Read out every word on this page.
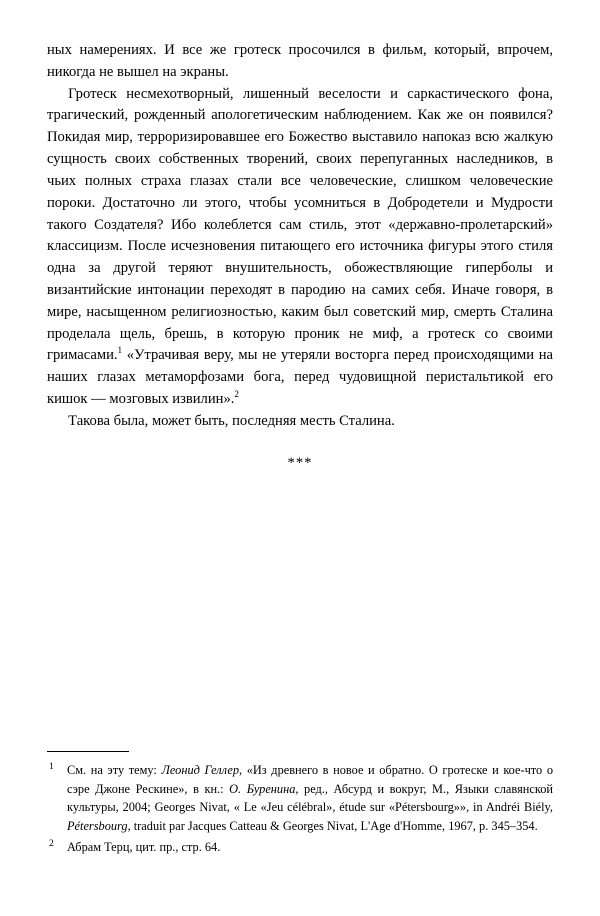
ных намерениях. И все же гротеск просочился в фильм, который, впрочем, никогда не вышел на экраны.

Гротеск несмехотворный, лишенный веселости и саркастического фона, трагический, рожденный апологетическим наблюдением. Как же он появился? Покидая мир, терроризировавшее его Божество выставило напоказ всю жалкую сущность своих собственных творений, своих перепуганных наследников, в чьих полных страха глазах стали все человеческие, слишком человеческие пороки. Достаточно ли этого, чтобы усомниться в Добродетели и Мудрости такого Создателя? Ибо колеблется сам стиль, этот «державно-пролетарский» классицизм. После исчезновения питающего его источника фигуры этого стиля одна за другой теряют внушительность, обожествляющие гиперболы и византийские интонации переходят в пародию на самих себя. Иначе говоря, в мире, насыщенном религиозностью, каким был советский мир, смерть Сталина проделала щель, брешь, в которую проник не миф, а гротеск со своими гримасами.$^1$ «Утрачивая веру, мы не утеряли восторга перед происходящими на наших глазах метаморфозами бога, перед чудовищной перистальтикой его кишок — мозговых извилин».$^2$

Такова была, может быть, последняя месть Сталина.

***
1 См. на эту тему: Леонид Геллер, «Из древнего в новое и обратно. О гротеске и кое-что о сэре Джоне Рескине», в кн.: О. Буренина, ред., Абсурд и вокруг, М., Языки славянской культуры, 2004; Georges Nivat, « Le «Jeu célébral», étude sur «Pétersbourg»», in Andréi Biély, Pétersbourg, traduit par Jacques Catteau & Georges Nivat, L'Age d'Homme, 1967, p. 345–354.
2 Абрам Терц, цит. пр., стр. 64.
